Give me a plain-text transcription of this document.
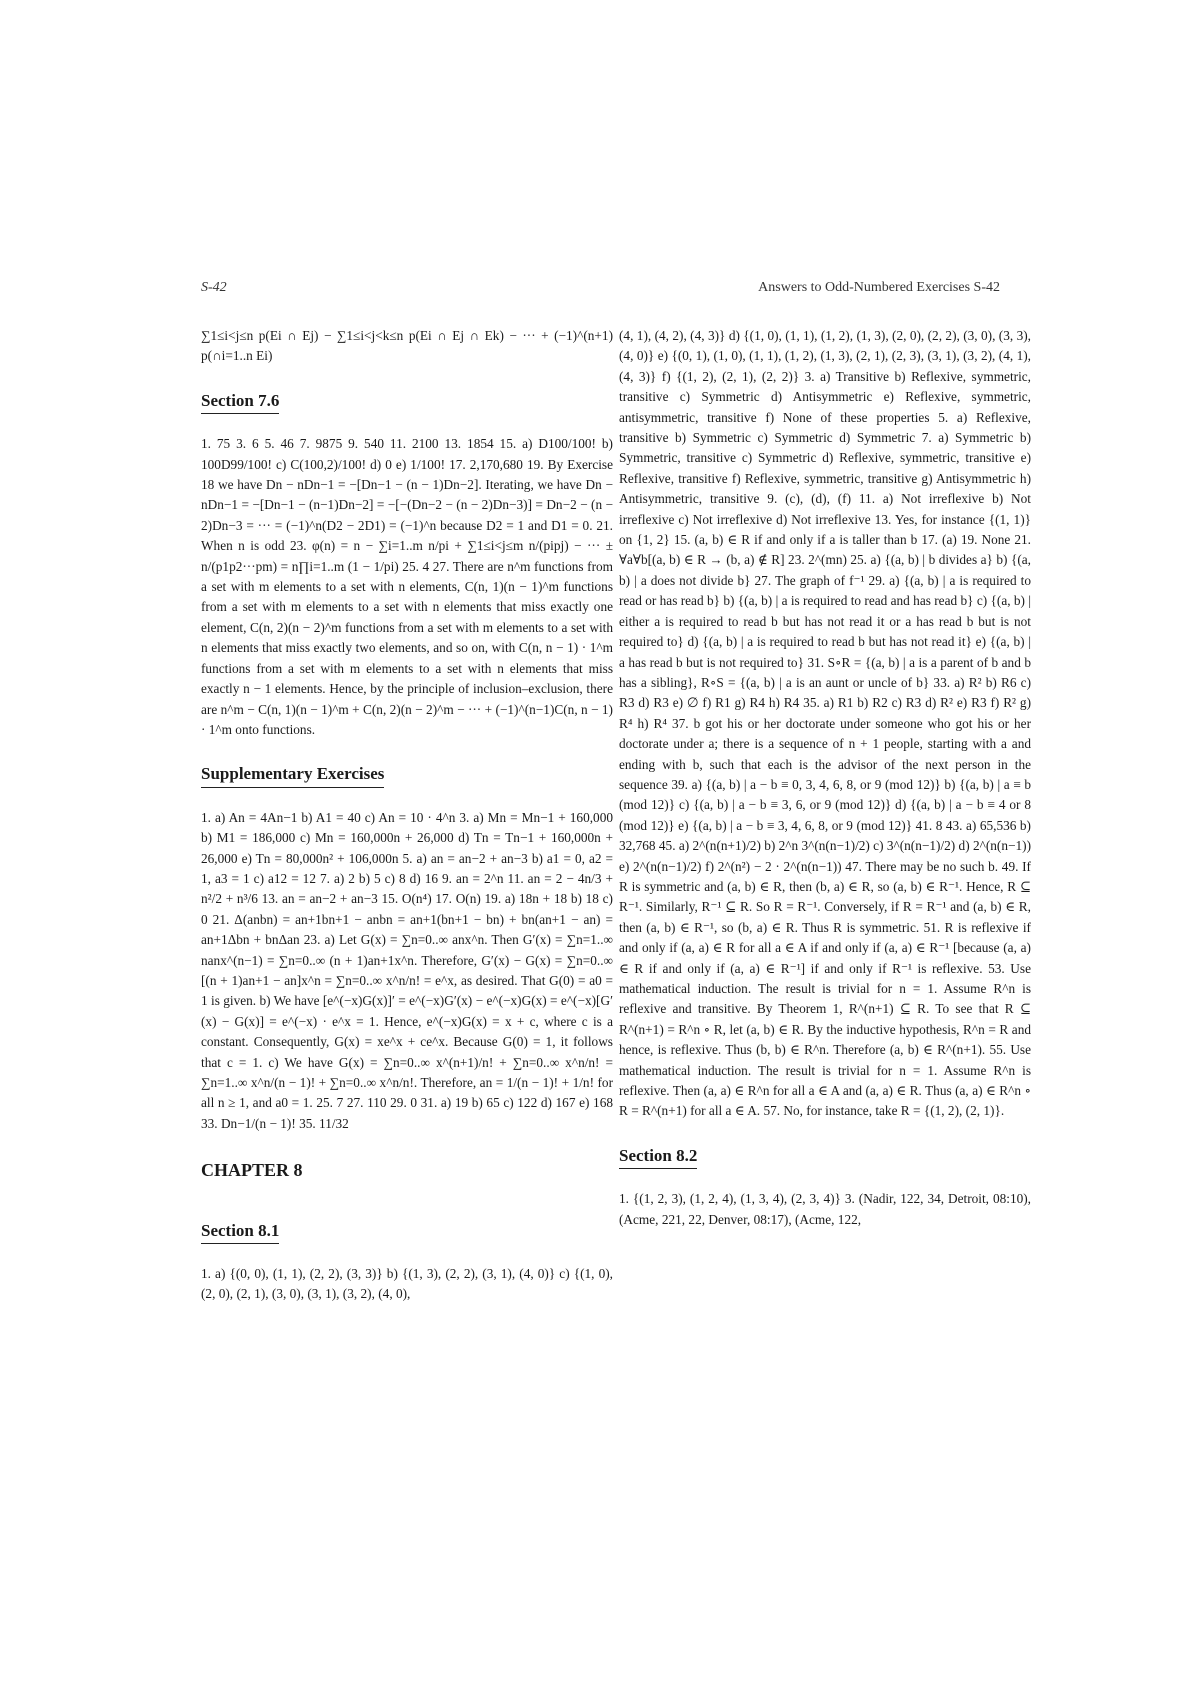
S-42	Answers to Odd-Numbered Exercises S-42

∑1≤i<j≤n p(Ei ∩ Ej) − ∑1≤i<j<k≤n p(Ei ∩ Ej ∩ Ek) − ··· + (−1)^(n+1) p(∩i=1..n Ei)

Section 7.6

1. 75 3. 6 5. 46 7. 9875 9. 540 11. 2100 13. 1854 15. a) D100/100! b) 100D99/100! c) C(100,2)/100! d) 0 e) 1/100! 17. 2,170,680 19. By Exercise 18 we have Dn − nDn−1 = −[Dn−1 − (n − 1)Dn−2]. Iterating, we have Dn − nDn−1 = −[Dn−1 − (n−1)Dn−2] = −[−(Dn−2 − (n − 2)Dn−3)] = Dn−2 − (n − 2)Dn−3 = ··· = (−1)^n(D2 − 2D1) = (−1)^n because D2 = 1 and D1 = 0. 21. When n is odd 23. φ(n) = n − ∑i=1..m n/pi + ∑1≤i<j≤m n/(pipj) − ··· ± n/(p1p2···pm) = n∏i=1..m (1 − 1/pi) 25. 4 27. There are n^m functions from a set with m elements to a set with n elements, C(n, 1)(n − 1)^m functions from a set with m elements to a set with n elements that miss exactly one element, C(n, 2)(n − 2)^m functions from a set with m elements to a set with n elements that miss exactly two elements, and so on, with C(n, n − 1) · 1^m functions from a set with m elements to a set with n elements that miss exactly n − 1 elements. Hence, by the principle of inclusion–exclusion, there are n^m − C(n, 1)(n − 1)^m + C(n, 2)(n − 2)^m − ··· + (−1)^(n−1)C(n, n − 1) · 1^m onto functions.

Supplementary Exercises

1. a) An = 4An−1 b) A1 = 40 c) An = 10 · 4^n 3. a) Mn = Mn−1 + 160,000 b) M1 = 186,000 c) Mn = 160,000n + 26,000 d) Tn = Tn−1 + 160,000n + 26,000 e) Tn = 80,000n² + 106,000n 5. a) an = an−2 + an−3 b) a1 = 0, a2 = 1, a3 = 1 c) a12 = 12 7. a) 2 b) 5 c) 8 d) 16 9. an = 2^n 11. an = 2 − 4n/3 + n²/2 + n³/6 13. an = an−2 + an−3 15. O(n⁴) 17. O(n) 19. a) 18n + 18 b) 18 c) 0 21. Δ(anbn) = an+1bn+1 − anbn = an+1(bn+1 − bn) + bn(an+1 − an) = an+1Δbn + bnΔan 23. a) Let G(x) = ∑n=0..∞ anx^n. Then G′(x) = ∑n=1..∞ nanx^(n−1) = ∑n=0..∞ (n + 1)an+1x^n. Therefore, G′(x) − G(x) = ∑n=0..∞ [(n + 1)an+1 − an]x^n = ∑n=0..∞ x^n/n! = e^x, as desired. That G(0) = a0 = 1 is given. b) We have [e^(−x)G(x)]′ = e^(−x)G′(x) − e^(−x)G(x) = e^(−x)[G′(x) − G(x)] = e^(−x) · e^x = 1. Hence, e^(−x)G(x) = x + c, where c is a constant. Consequently, G(x) = xe^x + ce^x. Because G(0) = 1, it follows that c = 1. c) We have G(x) = ∑n=0..∞ x^(n+1)/n! + ∑n=0..∞ x^n/n! = ∑n=1..∞ x^n/(n − 1)! + ∑n=0..∞ x^n/n!. Therefore, an = 1/(n − 1)! + 1/n! for all n ≥ 1, and a0 = 1. 25. 7 27. 110 29. 0 31. a) 19 b) 65 c) 122 d) 167 e) 168 33. Dn−1/(n − 1)! 35. 11/32

CHAPTER 8
Section 8.1

1. a) {(0, 0), (1, 1), (2, 2), (3, 3)} b) {(1, 3), (2, 2), (3, 1), (4, 0)} c) {(1, 0), (2, 0), (2, 1), (3, 0), (3, 1), (3, 2), (4, 0),

(4, 1), (4, 2), (4, 3)} d) {(1, 0), (1, 1), (1, 2), (1, 3), (2, 0), (2, 2), (3, 0), (3, 3), (4, 0)} e) {(0, 1), (1, 0), (1, 1), (1, 2), (1, 3), (2, 1), (2, 3), (3, 1), (3, 2), (4, 1), (4, 3)} f) {(1, 2), (2, 1), (2, 2)} 3. a) Transitive b) Reflexive, symmetric, transitive c) Symmetric d) Antisymmetric e) Reflexive, symmetric, antisymmetric, transitive f) None of these properties 5. a) Reflexive, transitive b) Symmetric c) Symmetric d) Symmetric 7. a) Symmetric b) Symmetric, transitive c) Symmetric d) Reflexive, symmetric, transitive e) Reflexive, transitive f) Reflexive, symmetric, transitive g) Antisymmetric h) Antisymmetric, transitive 9. (c), (d), (f) 11. a) Not irreflexive b) Not irreflexive c) Not irreflexive d) Not irreflexive 13. Yes, for instance {(1, 1)} on {1, 2} 15. (a, b) ∈ R if and only if a is taller than b 17. (a) 19. None 21. ∀a∀b[(a, b) ∈ R → (b, a) ∉ R] 23. 2^(mn) 25. a) {(a, b) | b divides a} b) {(a, b) | a does not divide b} 27. The graph of f⁻¹ 29. a) {(a, b) | a is required to read or has read b} b) {(a, b) | a is required to read and has read b} c) {(a, b) | either a is required to read b but has not read it or a has read b but is not required to} d) {(a, b) | a is required to read b but has not read it} e) {(a, b) | a has read b but is not required to} 31. S∘R = {(a, b) | a is a parent of b and b has a sibling}, R∘S = {(a, b) | a is an aunt or uncle of b} 33. a) R² b) R6 c) R3 d) R3 e) ∅ f) R1 g) R4 h) R4 35. a) R1 b) R2 c) R3 d) R² e) R3 f) R² g) R⁴ h) R⁴ 37. b got his or her doctorate under someone who got his or her doctorate under a; there is a sequence of n + 1 people, starting with a and ending with b, such that each is the advisor of the next person in the sequence 39. a) {(a, b) | a − b ≡ 0, 3, 4, 6, 8, or 9 (mod 12)} b) {(a, b) | a ≡ b (mod 12)} c) {(a, b) | a − b ≡ 3, 6, or 9 (mod 12)} d) {(a, b) | a − b ≡ 4 or 8 (mod 12)} e) {(a, b) | a − b ≡ 3, 4, 6, 8, or 9 (mod 12)} 41. 8 43. a) 65,536 b) 32,768 45. a) 2^(n(n+1)/2) b) 2^n 3^(n(n−1)/2) c) 3^(n(n−1)/2) d) 2^(n(n−1)) e) 2^(n(n−1)/2) f) 2^(n²) − 2 · 2^(n(n−1)) 47. There may be no such b. 49. If R is symmetric and (a, b) ∈ R, then (b, a) ∈ R, so (a, b) ∈ R⁻¹. Hence, R ⊆ R⁻¹. Similarly, R⁻¹ ⊆ R. So R = R⁻¹. Conversely, if R = R⁻¹ and (a, b) ∈ R, then (a, b) ∈ R⁻¹, so (b, a) ∈ R. Thus R is symmetric. 51. R is reflexive if and only if (a, a) ∈ R for all a ∈ A if and only if (a, a) ∈ R⁻¹ [because (a, a) ∈ R if and only if (a, a) ∈ R⁻¹] if and only if R⁻¹ is reflexive. 53. Use mathematical induction. The result is trivial for n = 1. Assume R^n is reflexive and transitive. By Theorem 1, R^(n+1) ⊆ R. To see that R ⊆ R^(n+1) = R^n ∘ R, let (a, b) ∈ R. By the inductive hypothesis, R^n = R and hence, is reflexive. Thus (b, b) ∈ R^n. Therefore (a, b) ∈ R^(n+1). 55. Use mathematical induction. The result is trivial for n = 1. Assume R^n is reflexive. Then (a, a) ∈ R^n for all a ∈ A and (a, a) ∈ R. Thus (a, a) ∈ R^n ∘ R = R^(n+1) for all a ∈ A. 57. No, for instance, take R = {(1, 2), (2, 1)}.

Section 8.2

1. {(1, 2, 3), (1, 2, 4), (1, 3, 4), (2, 3, 4)} 3. (Nadir, 122, 34, Detroit, 08:10), (Acme, 221, 22, Denver, 08:17), (Acme, 122,
